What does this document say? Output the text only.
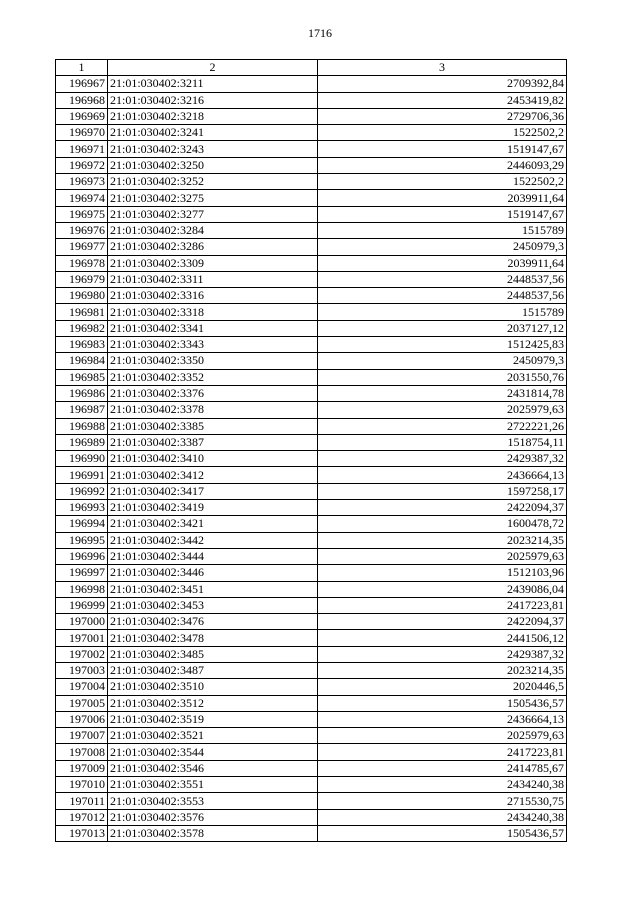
1716
1	2	3
196967	21:01:030402:3211	2709392,84
196968	21:01:030402:3216	2453419,82
196969	21:01:030402:3218	2729706,36
196970	21:01:030402:3241	1522502,2
196971	21:01:030402:3243	1519147,67
196972	21:01:030402:3250	2446093,29
196973	21:01:030402:3252	1522502,2
196974	21:01:030402:3275	2039911,64
196975	21:01:030402:3277	1519147,67
196976	21:01:030402:3284	1515789
196977	21:01:030402:3286	2450979,3
196978	21:01:030402:3309	2039911,64
196979	21:01:030402:3311	2448537,56
196980	21:01:030402:3316	2448537,56
196981	21:01:030402:3318	1515789
196982	21:01:030402:3341	2037127,12
196983	21:01:030402:3343	1512425,83
196984	21:01:030402:3350	2450979,3
196985	21:01:030402:3352	2031550,76
196986	21:01:030402:3376	2431814,78
196987	21:01:030402:3378	2025979,63
196988	21:01:030402:3385	2722221,26
196989	21:01:030402:3387	1518754,11
196990	21:01:030402:3410	2429387,32
196991	21:01:030402:3412	2436664,13
196992	21:01:030402:3417	1597258,17
196993	21:01:030402:3419	2422094,37
196994	21:01:030402:3421	1600478,72
196995	21:01:030402:3442	2023214,35
196996	21:01:030402:3444	2025979,63
196997	21:01:030402:3446	1512103,96
196998	21:01:030402:3451	2439086,04
196999	21:01:030402:3453	2417223,81
197000	21:01:030402:3476	2422094,37
197001	21:01:030402:3478	2441506,12
197002	21:01:030402:3485	2429387,32
197003	21:01:030402:3487	2023214,35
197004	21:01:030402:3510	2020446,5
197005	21:01:030402:3512	1505436,57
197006	21:01:030402:3519	2436664,13
197007	21:01:030402:3521	2025979,63
197008	21:01:030402:3544	2417223,81
197009	21:01:030402:3546	2414785,67
197010	21:01:030402:3551	2434240,38
197011	21:01:030402:3553	2715530,75
197012	21:01:030402:3576	2434240,38
197013	21:01:030402:3578	1505436,57
